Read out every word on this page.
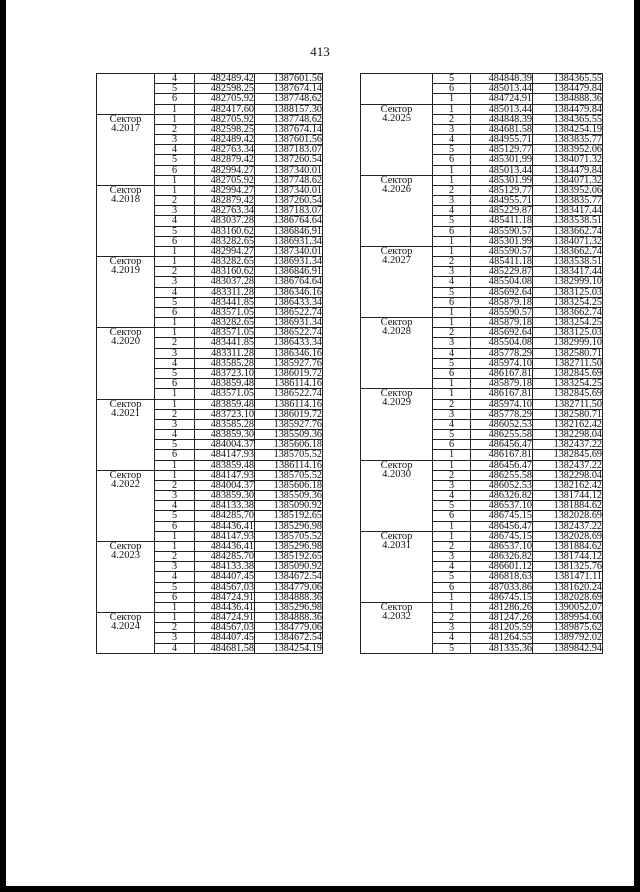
413
	4	482489.42	1387601.56
	5	482598.25	1387674.14
	6	482705.92	1387748.62
	1	482417.60	1388157.30

Сектор
4.2017	1	482705.92	1387748.62
	2	482598.25	1387674.14
	3	482489.42	1387601.56
	4	482763.34	1387183.07
	5	482879.42	1387260.54
	6	482994.27	1387340.01
	1	482705.92	1387748.62

Сектор
4.2018	1	482994.27	1387340.01
	2	482879.42	1387260.54
	3	482763.34	1387183.07
	4	483037.28	1386764.64
	5	483160.62	1386846.91
	6	483282.65	1386931.34
	1	482994.27	1387340.01

Сектор
4.2019	1	483282.65	1386931.34
	2	483160.62	1386846.91
	3	483037.28	1386764.64
	4	483311.28	1386346.16
	5	483441.85	1386433.34
	6	483571.05	1386522.74
	1	483282.65	1386931.34

Сектор
4.2020	1	483571.05	1386522.74
	2	483441.85	1386433.34
	3	483311.28	1386346.16
	4	483585.28	1385927.76
	5	483723.10	1386019.72
	6	483859.48	1386114.16
	1	483571.05	1386522.74

Сектор
4.2021	1	483859.48	1386114.16
	2	483723.10	1386019.72
	3	483585.28	1385927.76
	4	483859.30	1385509.36
	5	484004.37	1385606.18
	6	484147.93	1385705.52
	1	483859.48	1386114.16

Сектор
4.2022	1	484147.93	1385705.52
	2	484004.37	1385606.18
	3	483859.30	1385509.36
	4	484133.38	1385090.92
	5	484285.70	1385192.65
	6	484436.41	1385296.98
	1	484147.93	1385705.52

Сектор
4.2023	1	484436.41	1385296.98
	2	484285.70	1385192.65
	3	484133.38	1385090.92
	4	484407.45	1384672.54
	5	484567.03	1384779.06
	6	484724.91	1384888.36
	1	484436.41	1385296.98

Сектор
4.2024	1	484724.91	1384888.36
	2	484567.03	1384779.06
	3	484407.45	1384672.54
	4	484681.58	1384254.19
	5	484848.39	1384365.55
	6	485013.44	1384479.84
	1	484724.91	1384888.36

Сектор
4.2025	1	485013.44	1384479.84
	2	484848.39	1384365.55
	3	484681.58	1384254.19
	4	484955.71	1383835.77
	5	485129.77	1383952.06
	6	485301.99	1384071.32
	1	485013.44	1384479.84

Сектор
4.2026	1	485301.99	1384071.32
	2	485129.77	1383952.06
	3	484955.71	1383835.77
	4	485229.87	1383417.44
	5	485411.18	1383538.51
	6	485590.57	1383662.74
	1	485301.99	1384071.32

Сектор
4.2027	1	485590.57	1383662.74
	2	485411.18	1383538.51
	3	485229.87	1383417.44
	4	485504.08	1382999.10
	5	485692.64	1383125.03
	6	485879.18	1383254.25
	1	485590.57	1383662.74

Сектор
4.2028	1	485879.18	1383254.25
	2	485692.64	1383125.03
	3	485504.08	1382999.10
	4	485778.29	1382580.71
	5	485974.10	1382711.50
	6	486167.81	1382845.69
	1	485879.18	1383254.25

Сектор
4.2029	1	486167.81	1382845.69
	2	485974.10	1382711.50
	3	485778.29	1382580.71
	4	486052.53	1382162.42
	5	486255.58	1382298.04
	6	486456.47	1382437.22
	1	486167.81	1382845.69

Сектор
4.2030	1	486456.47	1382437.22
	2	486255.58	1382298.04
	3	486052.53	1382162.42
	4	486326.82	1381744.12
	5	486537.10	1381884.62
	6	486745.15	1382028.69
	1	486456.47	1382437.22

Сектор
4.2031	1	486745.15	1382028.69
	2	486537.10	1381884.62
	3	486326.82	1381744.12
	4	486601.12	1381325.76
	5	486818.63	1381471.11
	6	487033.86	1381620.24
	1	486745.15	1382028.69

Сектор
4.2032	1	481286.26	1390052.07
	2	481247.26	1389954.60
	3	481205.59	1389875.62
	4	481264.55	1389792.02
	5	481335.36	1389842.94
